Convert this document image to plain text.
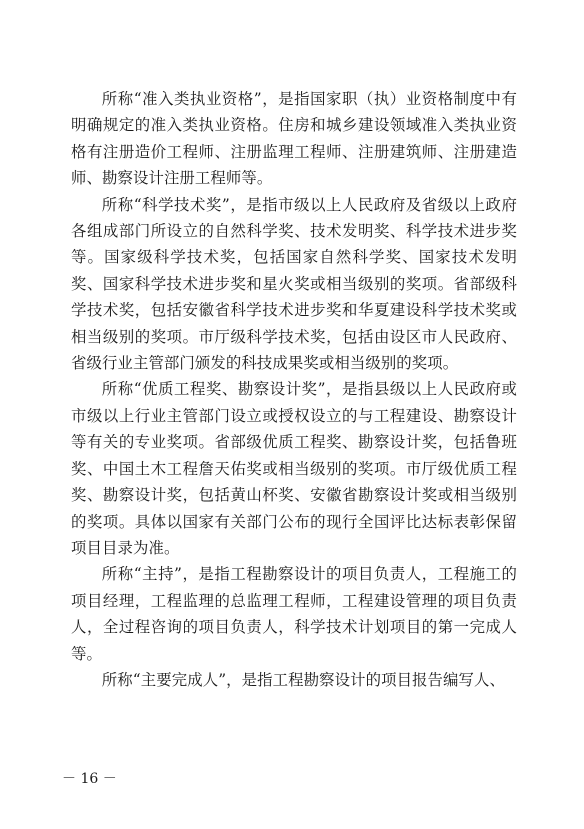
所称“准入类执业资格”，是指国家职（执）业资格制度中有明确规定的准入类执业资格。住房和城乡建设领域准入类执业资格有注册造价工程师、注册监理工程师、注册建筑师、注册建造师、勘察设计注册工程师等。

所称“科学技术奖”，是指市级以上人民政府及省级以上政府各组成部门所设立的自然科学奖、技术发明奖、科学技术进步奖等。国家级科学技术奖，包括国家自然科学奖、国家技术发明奖、国家科学技术进步奖和星火奖或相当级别的奖项。省部级科学技术奖，包括安徽省科学技术进步奖和华夏建设科学技术奖或相当级别的奖项。市厅级科学技术奖，包括由设区市人民政府、省级行业主管部门颁发的科技成果奖或相当级别的奖项。

所称“优质工程奖、勘察设计奖”，是指县级以上人民政府或市级以上行业主管部门设立或授权设立的与工程建设、勘察设计等有关的专业奖项。省部级优质工程奖、勘察设计奖，包括鲁班奖、中国土木工程詹天佑奖或相当级别的奖项。市厅级优质工程奖、勘察设计奖，包括黄山杯奖、安徽省勘察设计奖或相当级别的奖项。具体以国家有关部门公布的现行全国评比达标表彰保留项目目录为准。

所称“主持”，是指工程勘察设计的项目负责人，工程施工的项目经理，工程监理的总监理工程师，工程建设管理的项目负责人，全过程咨询的项目负责人，科学技术计划项目的第一完成人等。

所称“主要完成人”，是指工程勘察设计的项目报告编写人、

－ 16 －
